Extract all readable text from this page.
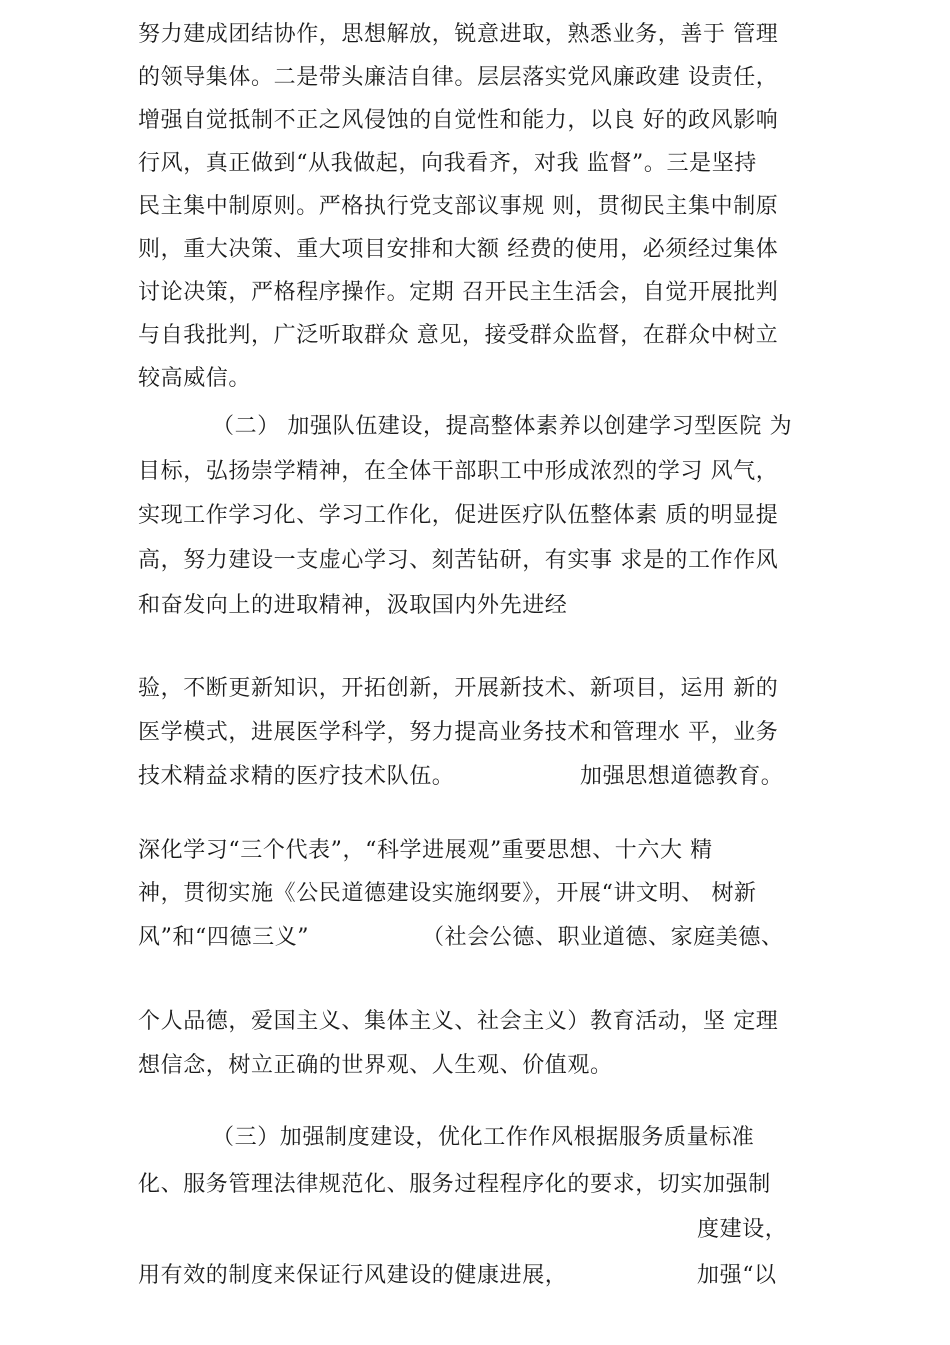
努力建成团结协作，思想解放，锐意进取，熟悉业务，善于 管理
的领导集体。二是带头廉洁自律。层层落实党风廉政建 设责任，
增强自觉抵制不正之风侵蚀的自觉性和能力，以良 好的政风影响
行风，真正做到“从我做起，向我看齐，对我 监督”。三是坚持
民主集中制原则。严格执行党支部议事规 则，贯彻民主集中制原
则，重大决策、重大项目安排和大额 经费的使用，必须经过集体
讨论决策，严格程序操作。定期 召开民主生活会，自觉开展批判
与自我批判，广泛听取群众 意见，接受群众监督，在群众中树立
较高威信。
（二） 加强队伍建设，提高整体素养以创建学习型医院 为
目标，弘扬崇学精神，在全体干部职工中形成浓烈的学习 风气，
实现工作学习化、学习工作化，促进医疗队伍整体素 质的明显提
高，努力建设一支虚心学习、刻苦钻研，有实事 求是的工作作风
和奋发向上的进取精神，汲取国内外先进经
验，不断更新知识，开拓创新，开展新技术、新项目，运用 新的
医学模式，进展医学科学，努力提高业务技术和管理水 平，业务
技术精益求精的医疗技术队伍。	加强思想道德教育。
深化学习“三个代表”，“科学进展观”重要思想、十六大 精
神，贯彻实施《公民道德建设实施纲要》，开展“讲文明、 树新
风”和“四德三义”	（社会公德、职业道德、家庭美德、
个人品德，爱国主义、集体主义、社会主义）教育活动，坚 定理
想信念，树立正确的世界观、人生观、价值观。
（三）加强制度建设，优化工作作风根据服务质量标准
化、服务管理法律规范化、服务过程程序化的要求，切实加强制
度建设，
用有效的制度来保证行风建设的健康进展，	加强“以
